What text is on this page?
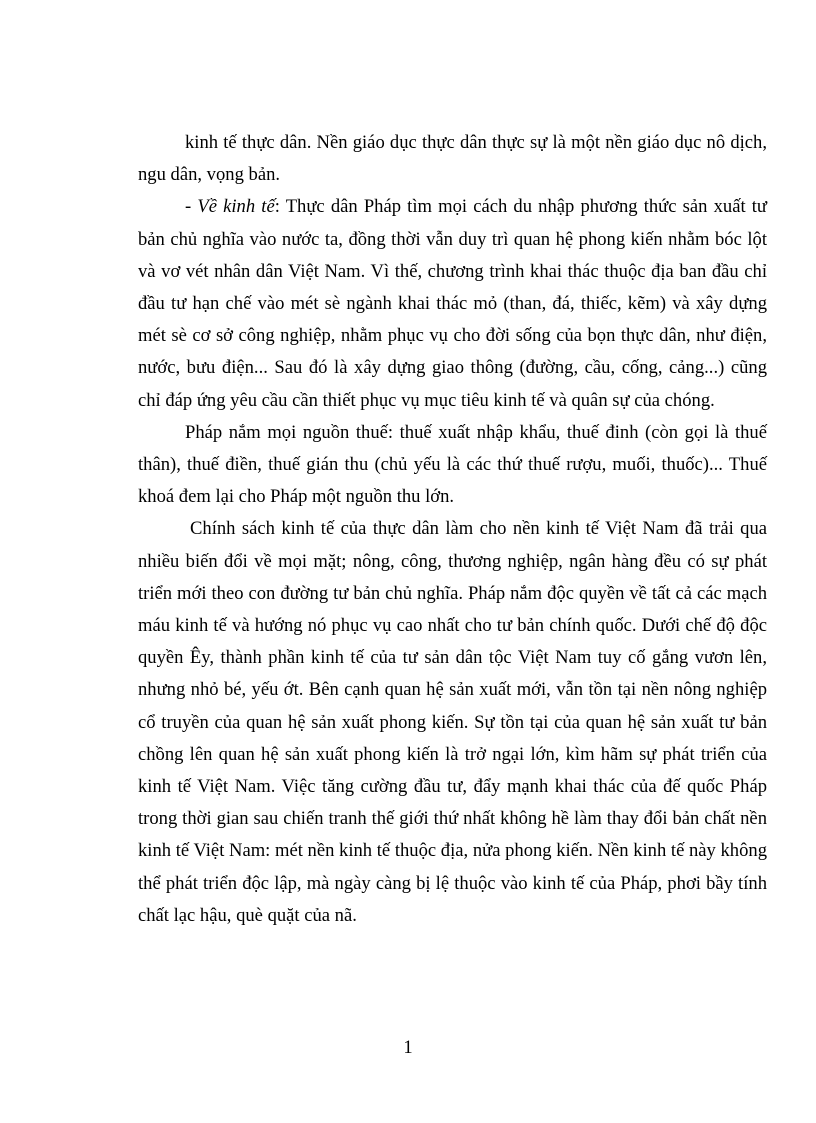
kinh tế thực dân. Nền giáo dục thực dân thực sự là một nền giáo dục nô dịch, ngu dân, vọng bản.

- Về kinh tế: Thực dân Pháp tìm mọi cách du nhập phương thức sản xuất tư bản chủ nghĩa vào nước ta, đồng thời vẫn duy trì quan hệ phong kiến nhằm bóc lột và vơ vét nhân dân Việt Nam. Vì thế, chương trình khai thác thuộc địa ban đầu chỉ đầu tư hạn chế vào mét sè ngành khai thác mỏ (than, đá, thiếc, kẽm) và xây dựng mét sè cơ sở công nghiệp, nhằm phục vụ cho đời sống của bọn thực dân, như điện, nước, bưu điện... Sau đó là xây dựng giao thông (đường, cầu, cống, cảng...) cũng chỉ đáp ứng yêu cầu cần thiết phục vụ mục tiêu kinh tế và quân sự của chóng.

Pháp nắm mọi nguồn thuế: thuế xuất nhập khẩu, thuế đinh (còn gọi là thuế thân), thuế điền, thuế gián thu (chủ yếu là các thứ thuế rượu, muối, thuốc)... Thuế khoá đem lại cho Pháp một nguồn thu lớn.

Chính sách kinh tế của thực dân làm cho nền kinh tế Việt Nam đã trải qua nhiều biến đổi về mọi mặt; nông, công, thương nghiệp, ngân hàng đều có sự phát triển mới theo con đường tư bản chủ nghĩa. Pháp nắm độc quyền về tất cả các mạch máu kinh tế và hướng nó phục vụ cao nhất cho tư bản chính quốc. Dưới chế độ độc quyền Êy, thành phần kinh tế của tư sản dân tộc Việt Nam tuy cố gắng vươn lên, nhưng nhỏ bé, yếu ớt. Bên cạnh quan hệ sản xuất mới, vẫn tồn tại nền nông nghiệp cổ truyền của quan hệ sản xuất phong kiến. Sự tồn tại của quan hệ sản xuất tư bản chồng lên quan hệ sản xuất phong kiến là trở ngại lớn, kìm hãm sự phát triển của kinh tế Việt Nam. Việc tăng cường đầu tư, đẩy mạnh khai thác của đế quốc Pháp trong thời gian sau chiến tranh thế giới thứ nhất không hề làm thay đổi bản chất nền kinh tế Việt Nam: mét nền kinh tế thuộc địa, nửa phong kiến. Nền kinh tế này không thể phát triển độc lập, mà ngày càng bị lệ thuộc vào kinh tế của Pháp, phơi bầy tính chất lạc hậu, què quặt của nã.

1
